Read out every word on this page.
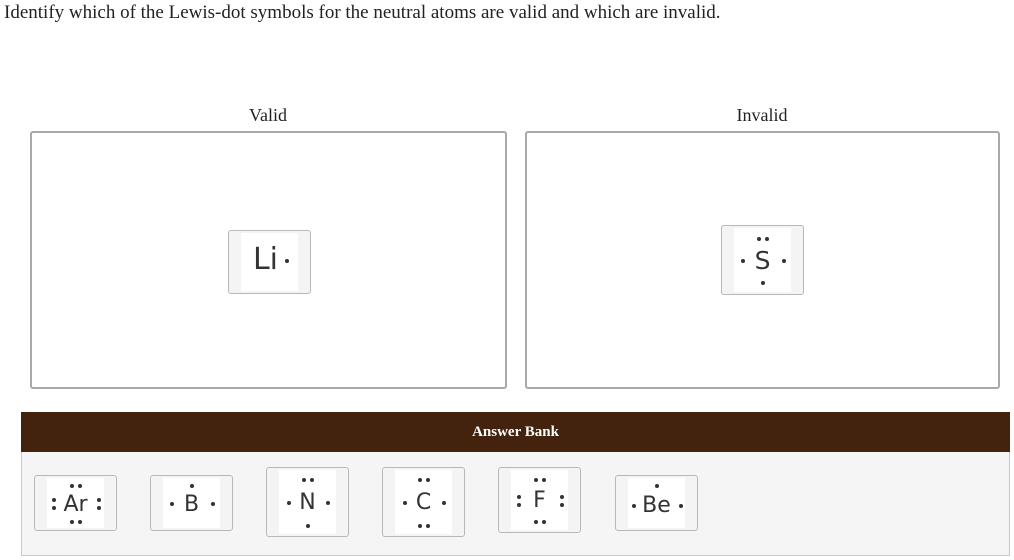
Identify which of the Lewis-dot symbols for the neutral atoms are valid and which are invalid.
Valid	Invalid
Li	S
Answer Bank
Ar	B	N	C	F	Be
